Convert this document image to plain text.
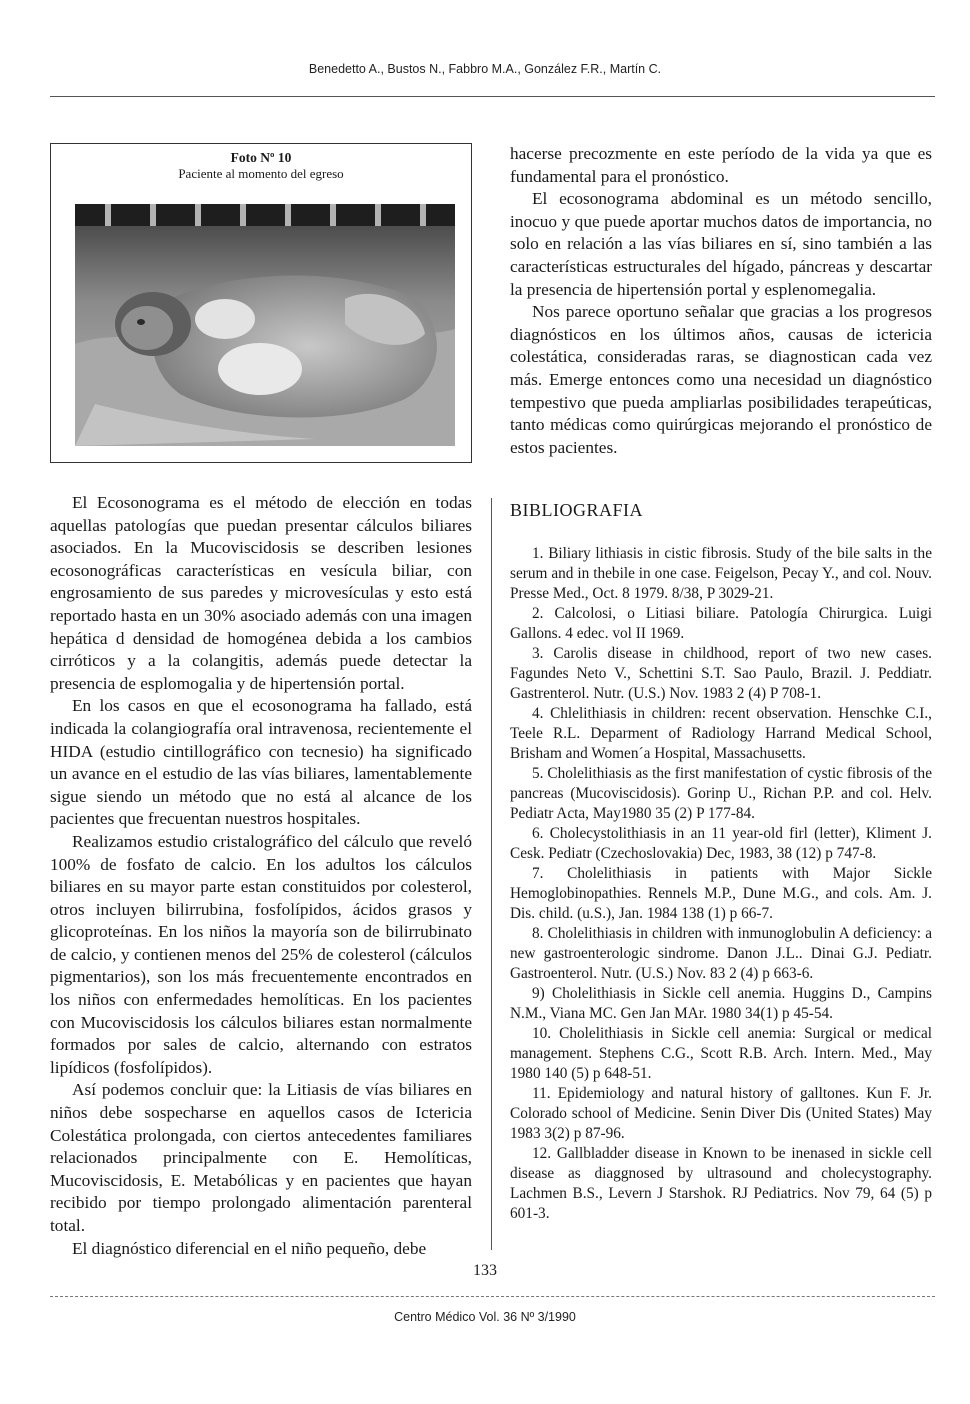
Benedetto A., Bustos N., Fabbro M.A., González F.R., Martín C.
Foto Nº 10
Paciente al momento del egreso

El Ecosonograma es el método de elección en todas aquellas patologías que puedan presentar cálculos biliares asociados. En la Mucoviscidosis se describen lesiones ecosonográficas características en vesícula biliar, con engrosamiento de sus paredes y microvesículas y esto está reportado hasta en un 30% asociado además con una imagen hepática d densidad de homogénea debida a los cambios cirróticos y a la colangitis, además puede detectar la presencia de esplomogalia y de hipertensión portal.

En los casos en que el ecosonograma ha fallado, está indicada la colangiografía oral intravenosa, recientemente el HIDA (estudio cintillográfico con tecnesio) ha significado un avance en el estudio de las vías biliares, lamentablemente sigue siendo un método que no está al alcance de los pacientes que frecuentan nuestros hospitales.

Realizamos estudio cristalográfico del cálculo que reveló 100% de fosfato de calcio. En los adultos los cálculos biliares en su mayor parte estan constituidos por colesterol, otros incluyen bilirrubina, fosfolípidos, ácidos grasos y glicoproteínas. En los niños la mayoría son de bilirrubinato de calcio, y contienen menos del 25% de colesterol (cálculos pigmentarios), son los más frecuentemente encontrados en los niños con enfermedades hemolíticas. En los pacientes con Mucoviscidosis los cálculos biliares estan normalmente formados por sales de calcio, alternando con estratos lipídicos (fosfolípidos).

Así podemos concluir que: la Litiasis de vías biliares en niños debe sospecharse en aquellos casos de Ictericia Colestática prolongada, con ciertos antecedentes familiares relacionados principalmente con E. Hemolíticas, Mucoviscidosis, E. Metabólicas y en pacientes que hayan recibido por tiempo prolongado alimentación parenteral total.

El diagnóstico diferencial en el niño pequeño, debe

hacerse precozmente en este período de la vida ya que es fundamental para el pronóstico.

El ecosonograma abdominal es un método sencillo, inocuo y que puede aportar muchos datos de importancia, no solo en relación a las vías biliares en sí, sino también a las características estructurales del hígado, páncreas y descartar la presencia de hipertensión portal y esplenomegalia.

Nos parece oportuno señalar que gracias a los progresos diagnósticos en los últimos años, causas de ictericia colestática, consideradas raras, se diagnostican cada vez más. Emerge entonces como una necesidad un diagnóstico tempestivo que pueda ampliarlas posibilidades terapeúticas, tanto médicas como quirúrgicas mejorando el pronóstico de estos pacientes.

BIBLIOGRAFIA

1. Biliary lithiasis in cistic fibrosis. Study of the bile salts in the serum and in thebile in one case. Feigelson, Pecay Y., and col. Nouv. Presse Med., Oct. 8 1979. 8/38, P 3029-21.

2. Calcolosi, o Litiasi biliare. Patología Chirurgica. Luigi Gallons. 4 edec. vol II 1969.

3. Carolis disease in childhood, report of two new cases. Fagundes Neto V., Schettini S.T. Sao Paulo, Brazil. J. Peddiatr. Gastrenterol. Nutr. (U.S.) Nov. 1983 2 (4) P 708-1.

4. Chlelithiasis in children: recent observation. Henschke C.I., Teele R.L. Deparment of Radiology Harrand Medical School, Brisham and Women´a Hospital, Massachusetts.

5. Cholelithiasis as the first manifestation of cystic fibrosis of the pancreas (Mucoviscidosis). Gorinp U., Richan P.P. and col. Helv. Pediatr Acta, May1980 35 (2) P 177-84.

6. Cholecystolithiasis in an 11 year-old firl (letter), Kliment J. Cesk. Pediatr (Czechoslovakia) Dec, 1983, 38 (12) p 747-8.

7. Cholelithiasis in patients with Major Sickle Hemoglobinopathies. Rennels M.P., Dune M.G., and cols. Am. J. Dis. child. (u.S.), Jan. 1984 138 (1) p 66-7.

8. Cholelithiasis in children with inmunoglobulin A deficiency: a new gastroenterologic sindrome. Danon J.L.. Dinai G.J. Pediatr. Gastroenterol. Nutr. (U.S.) Nov. 83 2 (4) p 663-6.

9) Cholelithiasis in Sickle cell anemia. Huggins D., Campins N.M., Viana MC. Gen Jan MAr. 1980 34(1) p 45-54.

10. Cholelithiasis in Sickle cell anemia: Surgical or medical management. Stephens C.G., Scott R.B. Arch. Intern. Med., May 1980 140 (5) p 648-51.

11. Epidemiology and natural history of galltones. Kun F. Jr. Colorado school of Medicine. Senin Diver Dis (United States) May 1983 3(2) p 87-96.

12. Gallbladder disease in Known to be inenased in sickle cell disease as diaggnosed by ultrasound and cholecystography. Lachmen B.S., Levern J Starshok. RJ Pediatrics. Nov 79, 64 (5) p 601-3.

133
Centro Médico Vol. 36 Nº 3/1990
